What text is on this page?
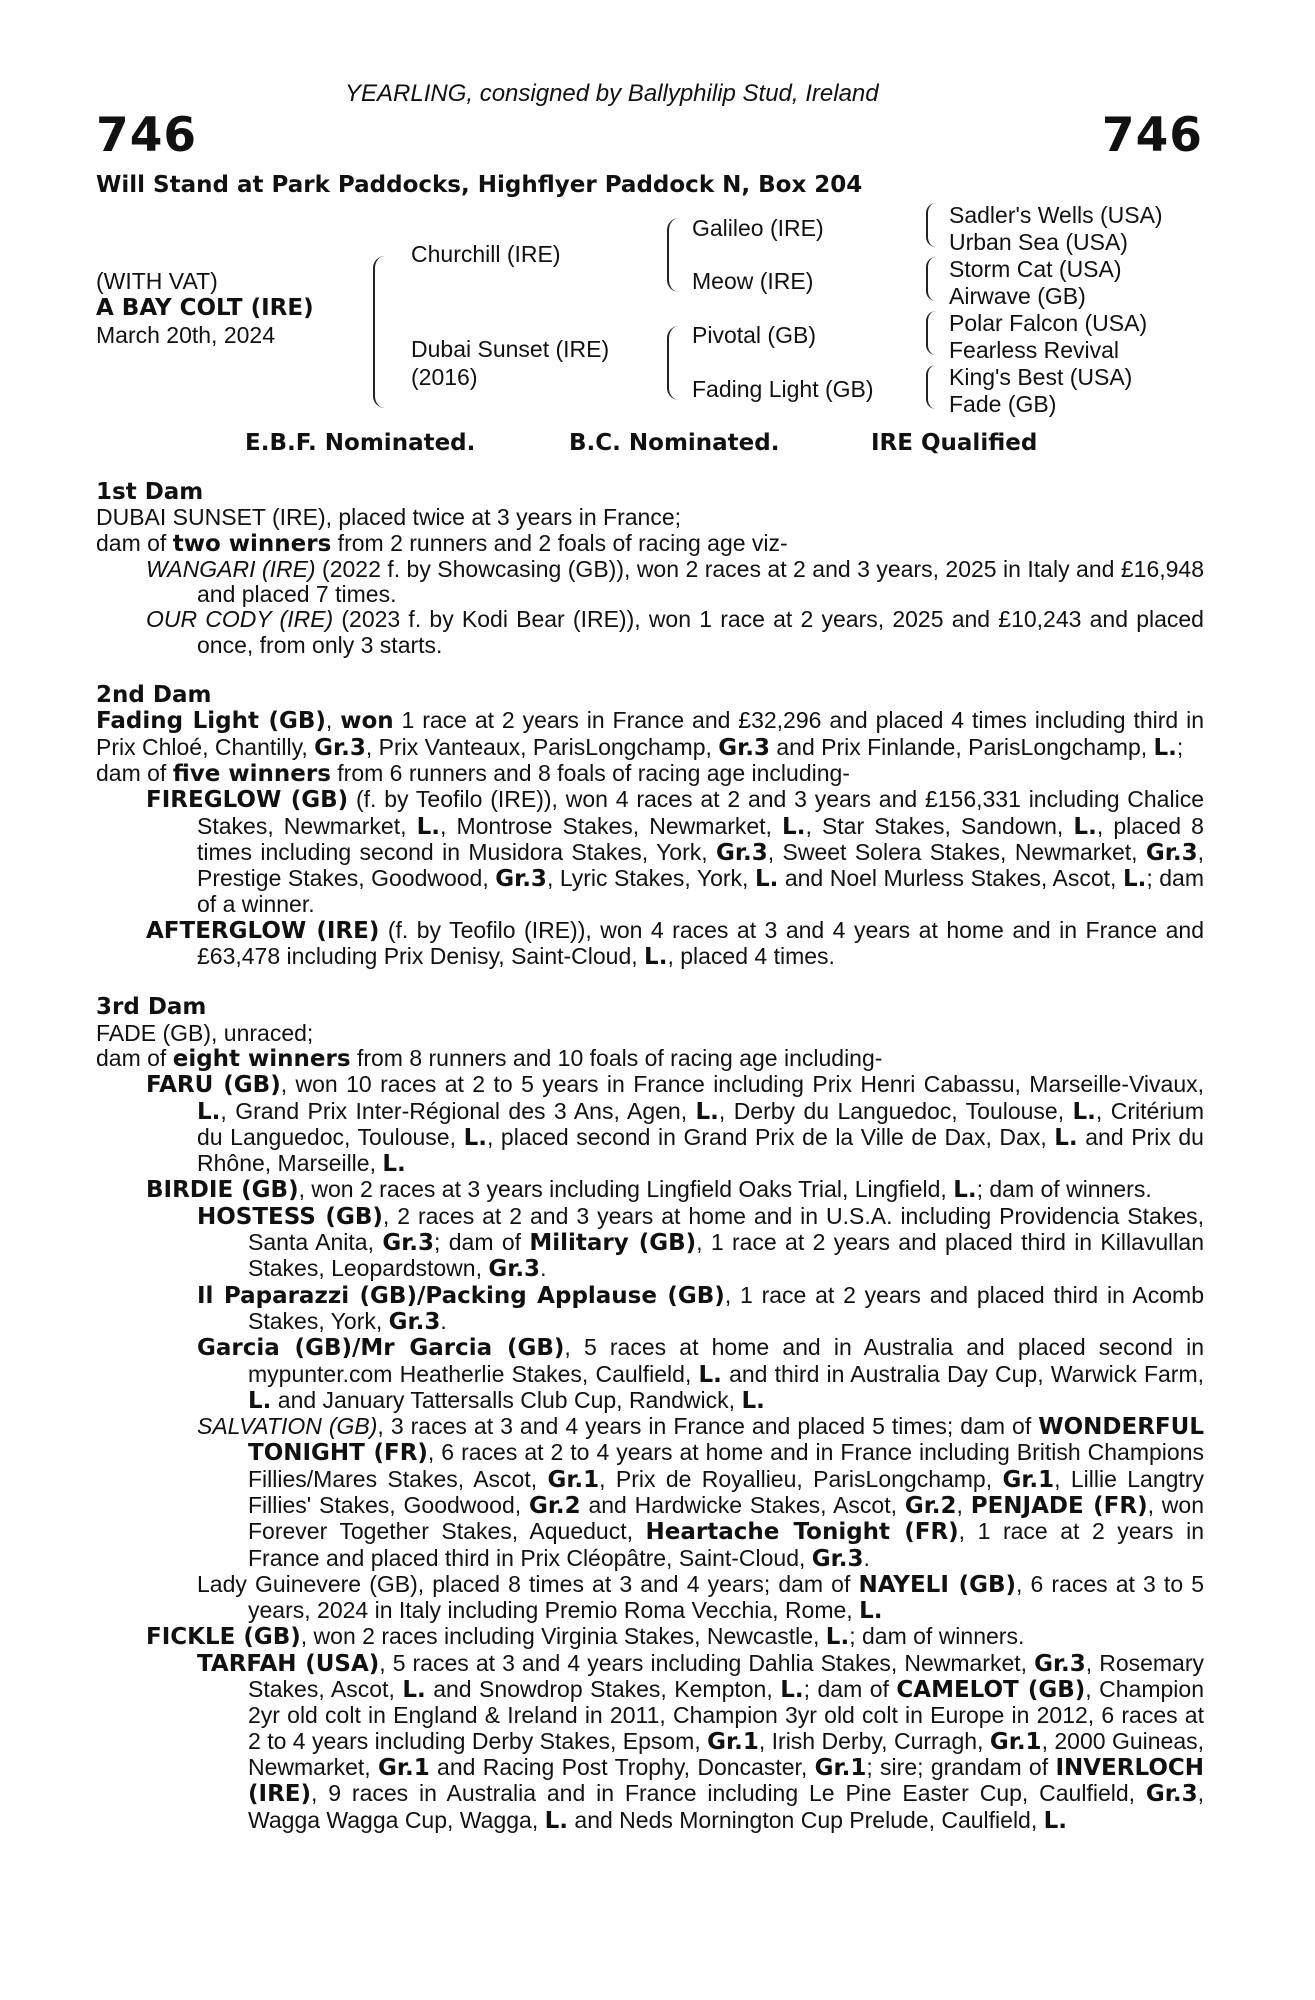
YEARLING, consigned by Ballyphilip Stud, Ireland
746	746
Will Stand at Park Paddocks, Highflyer Paddock N, Box 204
(WITH VAT)
A BAY COLT (IRE)
March 20th, 2024
Churchill (IRE)
Dubai Sunset (IRE)
(2016)
Galileo (IRE)
Meow (IRE)
Pivotal (GB)
Fading Light (GB)
Sadler's Wells (USA)
Urban Sea (USA)
Storm Cat (USA)
Airwave (GB)
Polar Falcon (USA)
Fearless Revival
King's Best (USA)
Fade (GB)
E.B.F. Nominated.	B.C. Nominated.	IRE Qualified

1st Dam

DUBAI SUNSET (IRE), placed twice at 3 years in France;

dam of two winners from 2 runners and 2 foals of racing age viz-

WANGARI (IRE) (2022 f. by Showcasing (GB)), won 2 races at 2 and 3 years, 2025 in Italy and £16,948 and placed 7 times.

OUR CODY (IRE) (2023 f. by Kodi Bear (IRE)), won 1 race at 2 years, 2025 and £10,243 and placed once, from only 3 starts.

2nd Dam

Fading Light (GB), won 1 race at 2 years in France and £32,296 and placed 4 times including third in Prix Chloé, Chantilly, Gr.3, Prix Vanteaux, ParisLongchamp, Gr.3 and Prix Finlande, ParisLongchamp, L.;

dam of five winners from 6 runners and 8 foals of racing age including-

FIREGLOW (GB) (f. by Teofilo (IRE)), won 4 races at 2 and 3 years and £156,331 including Chalice Stakes, Newmarket, L., Montrose Stakes, Newmarket, L., Star Stakes, Sandown, L., placed 8 times including second in Musidora Stakes, York, Gr.3, Sweet Solera Stakes, Newmarket, Gr.3, Prestige Stakes, Goodwood, Gr.3, Lyric Stakes, York, L. and Noel Murless Stakes, Ascot, L.; dam of a winner.

AFTERGLOW (IRE) (f. by Teofilo (IRE)), won 4 races at 3 and 4 years at home and in France and £63,478 including Prix Denisy, Saint-Cloud, L., placed 4 times.

3rd Dam

FADE (GB), unraced;

dam of eight winners from 8 runners and 10 foals of racing age including-

FARU (GB), won 10 races at 2 to 5 years in France including Prix Henri Cabassu, Marseille-Vivaux, L., Grand Prix Inter-Régional des 3 Ans, Agen, L., Derby du Languedoc, Toulouse, L., Critérium du Languedoc, Toulouse, L., placed second in Grand Prix de la Ville de Dax, Dax, L. and Prix du Rhône, Marseille, L.

BIRDIE (GB), won 2 races at 3 years including Lingfield Oaks Trial, Lingfield, L.; dam of winners.

HOSTESS (GB), 2 races at 2 and 3 years at home and in U.S.A. including Providencia Stakes, Santa Anita, Gr.3; dam of Military (GB), 1 race at 2 years and placed third in Killavullan Stakes, Leopardstown, Gr.3.

Il Paparazzi (GB)/Packing Applause (GB), 1 race at 2 years and placed third in Acomb Stakes, York, Gr.3.

Garcia (GB)/Mr Garcia (GB), 5 races at home and in Australia and placed second in mypunter.com Heatherlie Stakes, Caulfield, L. and third in Australia Day Cup, Warwick Farm, L. and January Tattersalls Club Cup, Randwick, L.

SALVATION (GB), 3 races at 3 and 4 years in France and placed 5 times; dam of WONDERFUL TONIGHT (FR), 6 races at 2 to 4 years at home and in France including British Champions Fillies/Mares Stakes, Ascot, Gr.1, Prix de Royallieu, ParisLongchamp, Gr.1, Lillie Langtry Fillies' Stakes, Goodwood, Gr.2 and Hardwicke Stakes, Ascot, Gr.2, PENJADE (FR), won Forever Together Stakes, Aqueduct, Heartache Tonight (FR), 1 race at 2 years in France and placed third in Prix Cléopâtre, Saint-Cloud, Gr.3.

Lady Guinevere (GB), placed 8 times at 3 and 4 years; dam of NAYELI (GB), 6 races at 3 to 5 years, 2024 in Italy including Premio Roma Vecchia, Rome, L.

FICKLE (GB), won 2 races including Virginia Stakes, Newcastle, L.; dam of winners.

TARFAH (USA), 5 races at 3 and 4 years including Dahlia Stakes, Newmarket, Gr.3, Rosemary Stakes, Ascot, L. and Snowdrop Stakes, Kempton, L.; dam of CAMELOT (GB), Champion 2yr old colt in England & Ireland in 2011, Champion 3yr old colt in Europe in 2012, 6 races at 2 to 4 years including Derby Stakes, Epsom, Gr.1, Irish Derby, Curragh, Gr.1, 2000 Guineas, Newmarket, Gr.1 and Racing Post Trophy, Doncaster, Gr.1; sire; grandam of INVERLOCH (IRE), 9 races in Australia and in France including Le Pine Easter Cup, Caulfield, Gr.3, Wagga Wagga Cup, Wagga, L. and Neds Mornington Cup Prelude, Caulfield, L.
